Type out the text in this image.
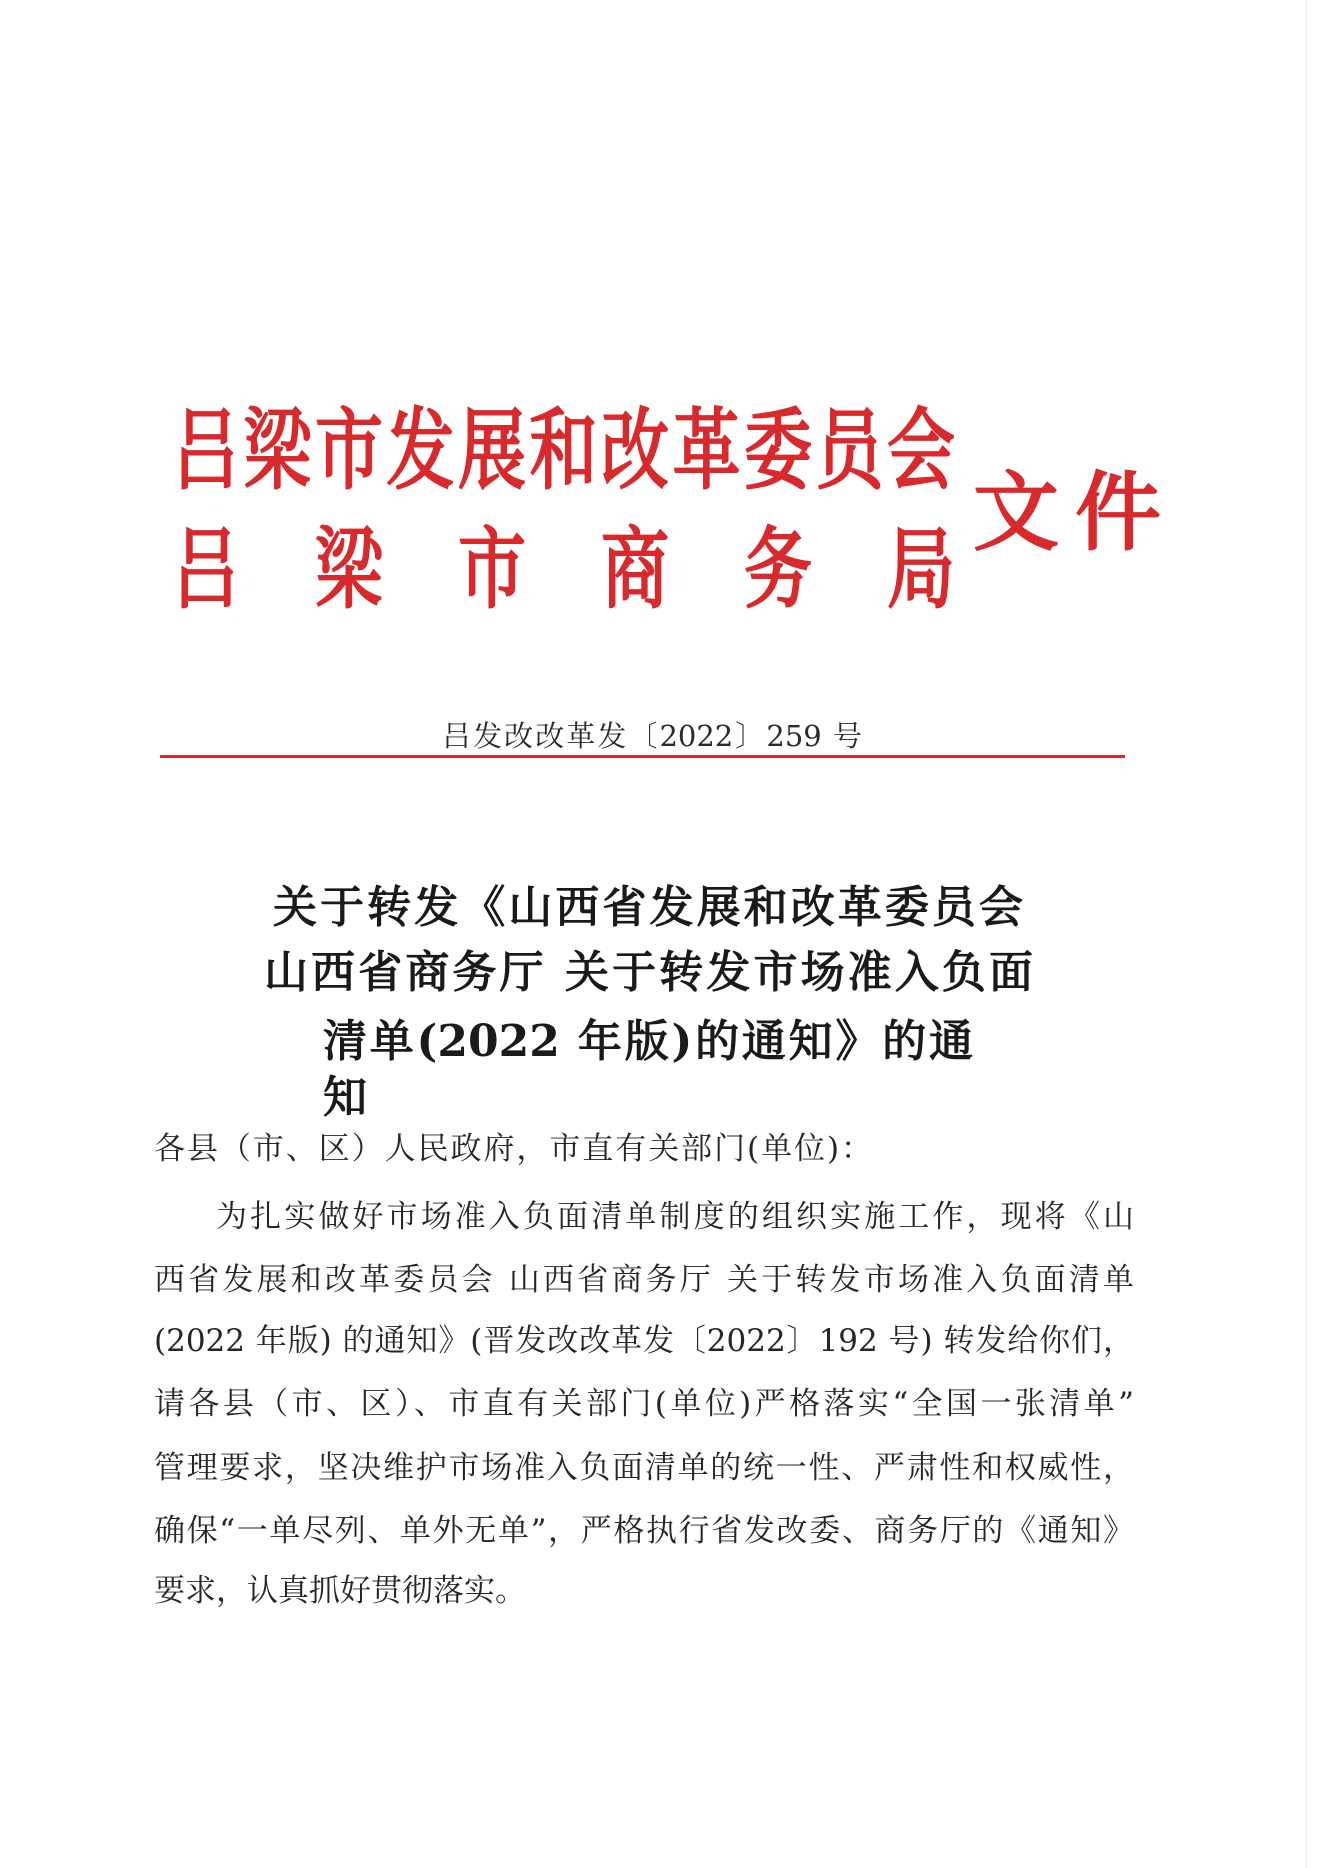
吕梁市发展和改革委员会
吕 梁 市 商 务 局
文件
吕发改改革发〔2022〕259 号
关于转发《山西省发展和改革委员会
山西省商务厅 关于转发市场准入负面
清单(2022 年版)的通知》的通知
各县（市、区）人民政府，市直有关部门(单位)：
为扎实做好市场准入负面清单制度的组织实施工作，现将《山
西省发展和改革委员会 山西省商务厅 关于转发市场准入负面清单
(2022 年版) 的通知》(晋发改改革发〔2022〕192 号) 转发给你们，
请各县（市、区）、市直有关部门(单位)严格落实“全国一张清单”
管理要求，坚决维护市场准入负面清单的统一性、严肃性和权威性，
确保“一单尽列、单外无单”，严格执行省发改委、商务厅的《通知》
要求，认真抓好贯彻落实。
